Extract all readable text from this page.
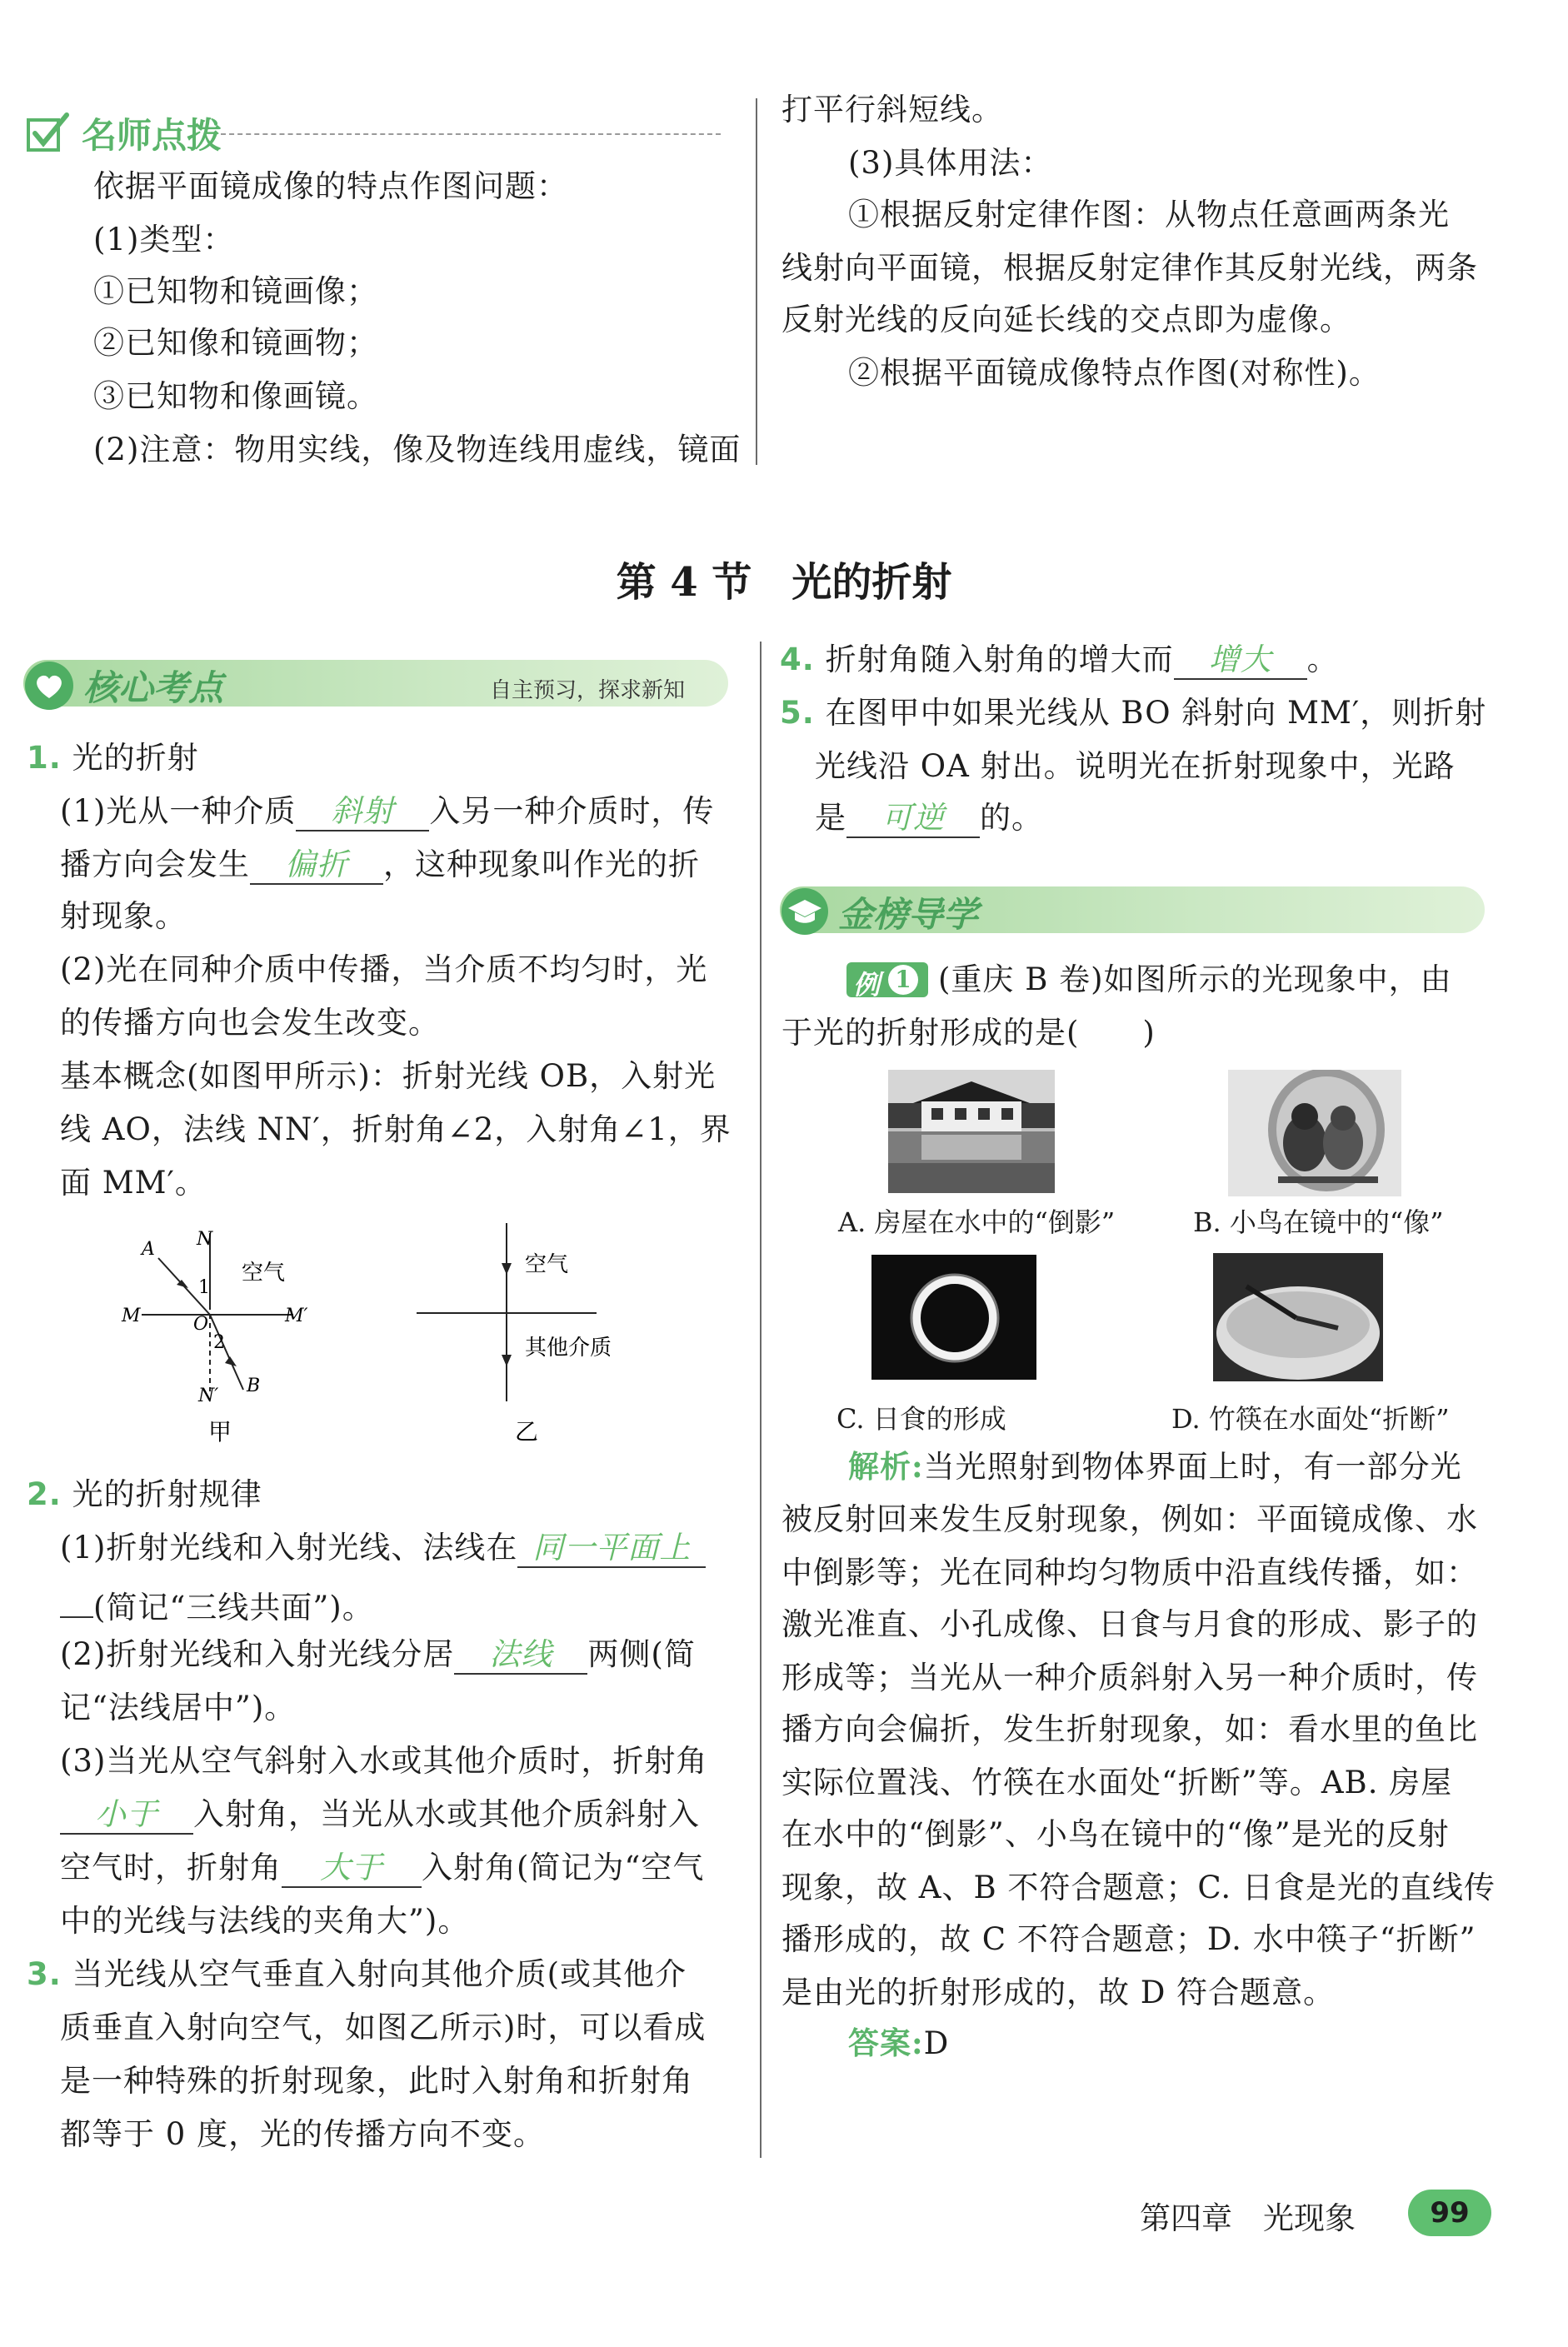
名师点拨
依据平面镜成像的特点作图问题：
(1)类型：
①已知物和镜画像；
②已知像和镜画物；
③已知物和像画镜。
(2)注意：物用实线，像及物连线用虚线，镜面
打平行斜短线。
(3)具体用法：
①根据反射定律作图：从物点任意画两条光
线射向平面镜，根据反射定律作其反射光线，两条
反射光线的反向延长线的交点即为虚像。
②根据平面镜成像特点作图(对称性)。
第 4 节　光的折射
核心考点	自主预习，探求新知
1. 光的折射
(1)光从一种介质 斜射 入另一种介质时，传
播方向会发生 偏折 ，这种现象叫作光的折
射现象。
(2)光在同种介质中传播，当介质不均匀时，光
的传播方向也会发生改变。
基本概念(如图甲所示)：折射光线 OB，入射光
线 AO，法线 NN′，折射角∠2，入射角∠1，界
面 MM′。
N
A
1
空气
M	M′
O
2
B
N′
甲
空气
其他介质
乙
2. 光的折射规律
(1)折射光线和入射光线、法线在 同一平面上
(简记“三线共面”)。
(2)折射光线和入射光线分居 法线 两侧(简
记“法线居中”)。
(3)当光从空气斜射入水或其他介质时，折射角
小于 入射角，当光从水或其他介质斜射入
空气时，折射角 大于 入射角(简记为“空气
中的光线与法线的夹角大”)。
3. 当光线从空气垂直入射向其他介质(或其他介
质垂直入射向空气，如图乙所示)时，可以看成
是一种特殊的折射现象，此时入射角和折射角
都等于 0 度，光的传播方向不变。
4. 折射角随入射角的增大而 增大 。
5. 在图甲中如果光线从 BO 斜射向 MM′，则折射
光线沿 OA 射出。说明光在折射现象中，光路
是 可逆 的。
金榜导学
例 1 (重庆 B 卷)如图所示的光现象中，由
于光的折射形成的是(　　)
A. 房屋在水中的“倒影”	B. 小鸟在镜中的“像”
C. 日食的形成	D. 竹筷在水面处“折断”
解析:当光照射到物体界面上时，有一部分光
被反射回来发生反射现象，例如：平面镜成像、水
中倒影等；光在同种均匀物质中沿直线传播，如：
激光准直、小孔成像、日食与月食的形成、影子的
形成等；当光从一种介质斜射入另一种介质时，传
播方向会偏折，发生折射现象，如：看水里的鱼比
实际位置浅、竹筷在水面处“折断”等。AB. 房屋
在水中的“倒影”、小鸟在镜中的“像”是光的反射
现象，故 A、B 不符合题意；C. 日食是光的直线传
播形成的，故 C 不符合题意；D. 水中筷子“折断”
是由光的折射形成的，故 D 符合题意。
答案:D
第四章　光现象	99
